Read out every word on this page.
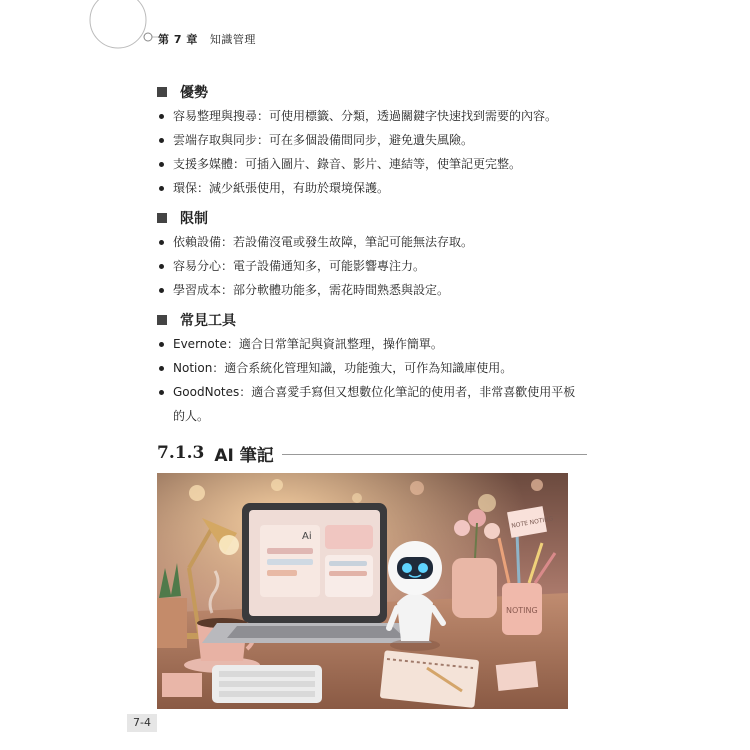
第 7 章 知識管理
優勢
容易整理與搜尋：可使用標籤、分類，透過關鍵字快速找到需要的內容。
雲端存取與同步：可在多個設備間同步，避免遺失風險。
支援多媒體：可插入圖片、錄音、影片、連結等，使筆記更完整。
環保：減少紙張使用，有助於環境保護。
限制
依賴設備：若設備沒電或發生故障，筆記可能無法存取。
容易分心：電子設備通知多，可能影響專注力。
學習成本：部分軟體功能多，需花時間熟悉與設定。
常見工具
Evernote：適合日常筆記與資訊整理，操作簡單。
Notion：適合系統化管理知識，功能強大，可作為知識庫使用。
GoodNotes：適合喜愛手寫但又想數位化筆記的使用者，非常喜歡使用平板
的人。
7.1.3 AI 筆記
Ai
NOTING
NOTE NOTING
7-4
